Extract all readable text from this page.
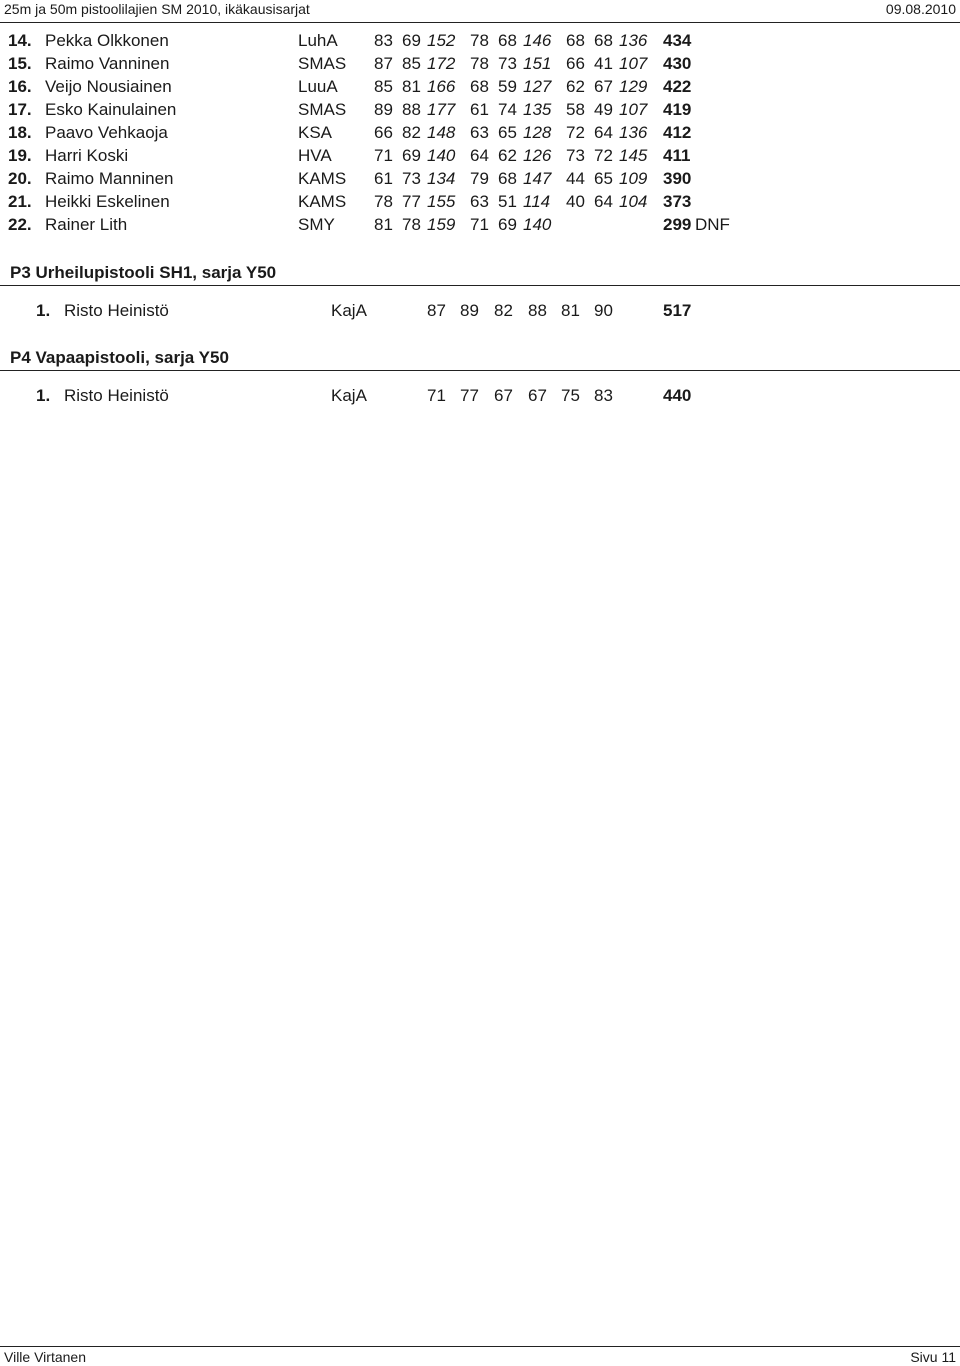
25m ja 50m pistoolilajien SM 2010, ikäkausisarjat	09.08.2010
14. Pekka Olkkonen	LuhA 83 69 152 78 68 146 68 68 136 434
15. Raimo Vanninen	SMAS 87 85 172 78 73 151 66 41 107 430
16. Veijo Nousiainen	LuuA 85 81 166 68 59 127 62 67 129 422
17. Esko Kainulainen	SMAS 89 88 177 61 74 135 58 49 107 419
18. Paavo Vehkaoja	KSA 66 82 148 63 65 128 72 64 136 412
19. Harri Koski	HVA 71 69 140 64 62 126 73 72 145 411
20. Raimo Manninen	KAMS 61 73 134 79 68 147 44 65 109 390
21. Heikki Eskelinen	KAMS 78 77 155 63 51 114 40 64 104 373
22. Rainer Lith	SMY 81 78 159 71 69 140	299 DNF
P3 Urheilupistooli SH1, sarja Y50
1. Risto Heinistö	KajA	87 89 82 88 81 90	517
P4 Vapaapistooli, sarja Y50
1. Risto Heinistö	KajA	71 77 67 67 75 83	440
Ville Virtanen	Sivu 11
